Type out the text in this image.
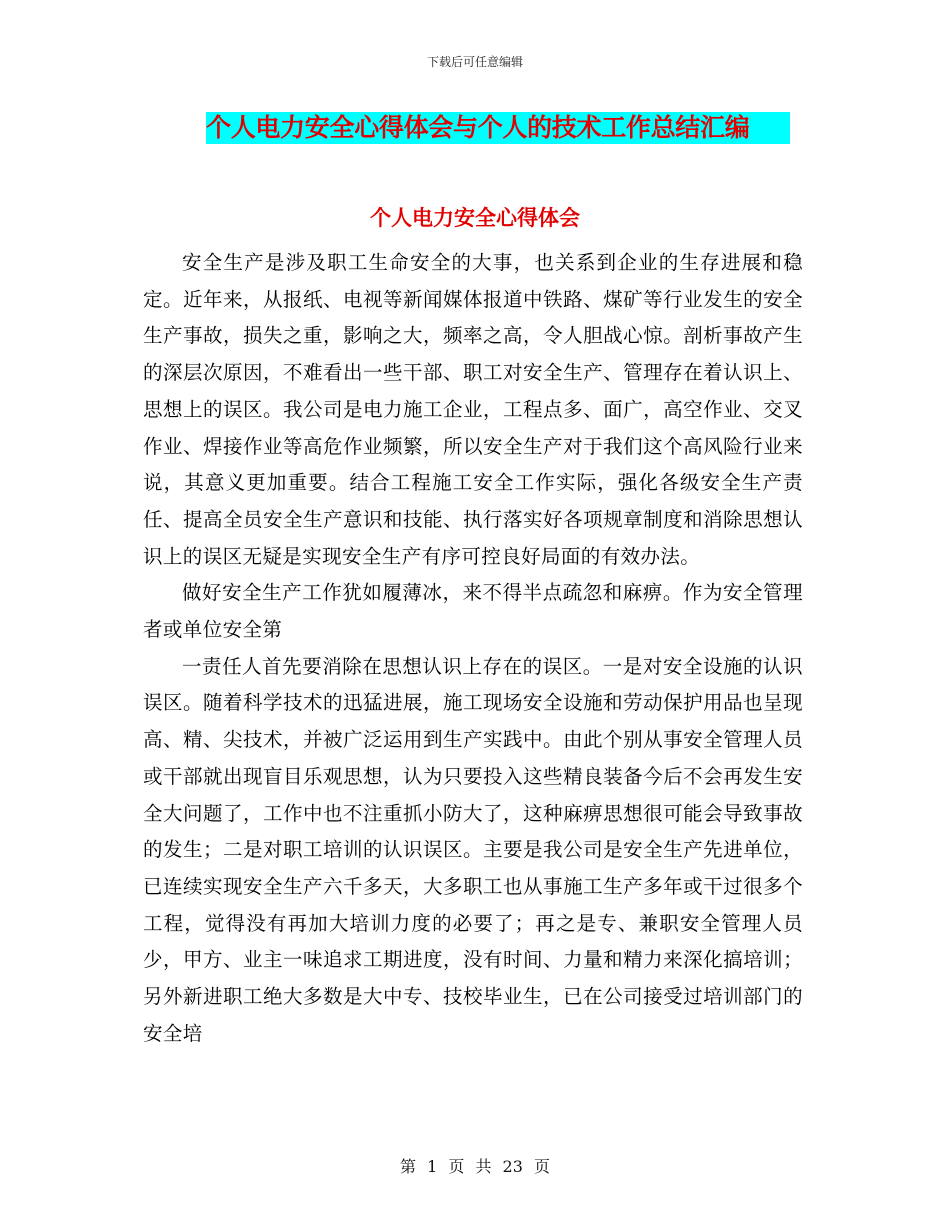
下载后可任意编辑
个人电力安全心得体会与个人的技术工作总结汇编
个人电力安全心得体会

安全生产是涉及职工生命安全的大事，也关系到企业的生存进展和稳定。近年来，从报纸、电视等新闻媒体报道中铁路、煤矿等行业发生的安全生产事故，损失之重，影响之大，频率之高，令人胆战心惊。剖析事故产生的深层次原因，不难看出一些干部、职工对安全生产、管理存在着认识上、思想上的误区。我公司是电力施工企业，工程点多、面广，高空作业、交叉作业、焊接作业等高危作业频繁，所以安全生产对于我们这个高风险行业来说，其意义更加重要。结合工程施工安全工作实际，强化各级安全生产责任、提高全员安全生产意识和技能、执行落实好各项规章制度和消除思想认识上的误区无疑是实现安全生产有序可控良好局面的有效办法。

做好安全生产工作犹如履薄冰，来不得半点疏忽和麻痹。作为安全管理者或单位安全第

一责任人首先要消除在思想认识上存在的误区。一是对安全设施的认识误区。随着科学技术的迅猛进展，施工现场安全设施和劳动保护用品也呈现高、精、尖技术，并被广泛运用到生产实践中。由此个别从事安全管理人员或干部就出现盲目乐观思想，认为只要投入这些精良装备今后不会再发生安全大问题了，工作中也不注重抓小防大了，这种麻痹思想很可能会导致事故的发生；二是对职工培训的认识误区。主要是我公司是安全生产先进单位，已连续实现安全生产六千多天，大多职工也从事施工生产多年或干过很多个工程，觉得没有再加大培训力度的必要了；再之是专、兼职安全管理人员少，甲方、业主一味追求工期进度，没有时间、力量和精力来深化搞培训；另外新进职工绝大多数是大中专、技校毕业生，已在公司接受过培训部门的安全培

第 1 页 共 23 页
